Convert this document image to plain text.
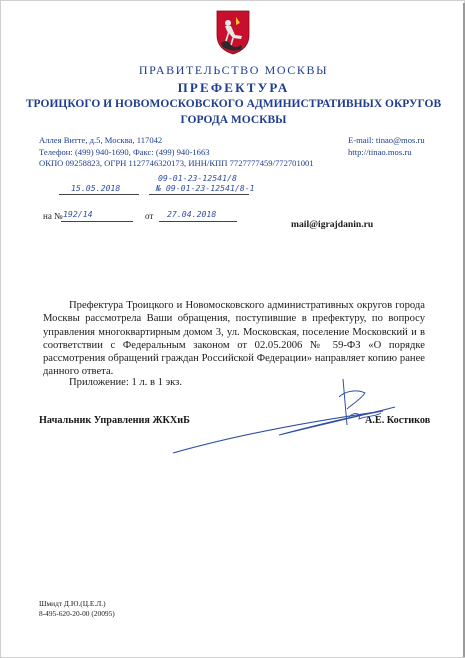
ПРАВИТЕЛЬСТВО МОСКВЫ
ПРЕФЕКТУРА
ТРОИЦКОГО И НОВОМОСКОВСКОГО АДМИНИСТРАТИВНЫХ ОКРУГОВ
ГОРОДА МОСКВЫ
Аллея Витте, д.5, Москва, 117042
Телефон: (499) 940-1690, Факс: (499) 940-1663
ОКПО 09258823, ОГРН 1127746320173, ИНН/КПП 7727777459/772701001
E-mail: tinao@mos.ru
http://tinao.mos.ru
09-01-23-12541/8
15.05.2018	№ 09-01-23-12541/8-1
на № 192/14	от 27.04.2018
mail@igrajdanin.ru
Префектура Троицкого и Новомосковского административных округов города Москвы рассмотрела Ваши обращения, поступившие в префектуру, по вопросу управления многоквартирным домом 3, ул. Московская, поселение Московский и в соответствии с Федеральным законом от 02.05.2006 № 59-ФЗ «О порядке рассмотрения обращений граждан Российской Федерации» направляет копию ранее данного ответа.
Приложение: 1 л. в 1 экз.
Начальник Управления ЖКХиБ	А.Е. Костиков
Шмидт Д.Ю.(Ц.Е.Л.)
8-495-620-20-00 (20095)
